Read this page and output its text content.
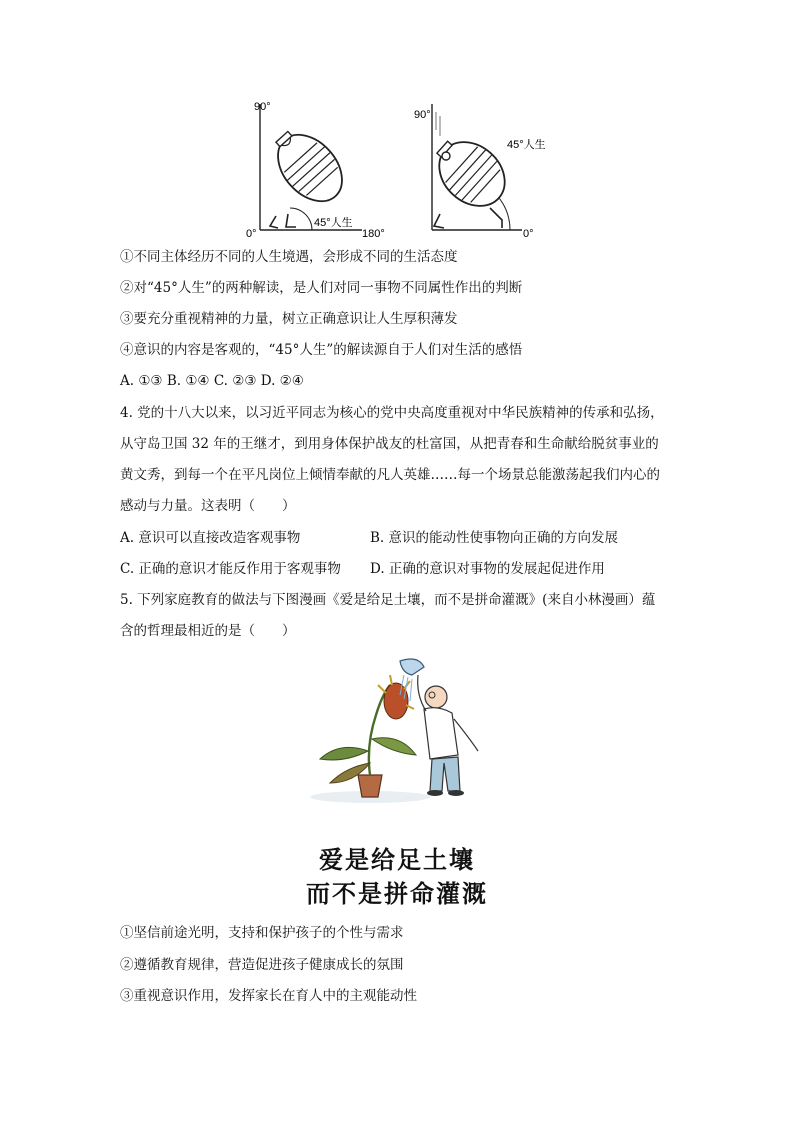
90°
0°	180°
45°人生
90°
0°
45°人生
①不同主体经历不同的人生境遇，会形成不同的生活态度
②对“45°人生”的两种解读，是人们对同一事物不同属性作出的判断
③要充分重视精神的力量，树立正确意识让人生厚积薄发
④意识的内容是客观的，“45°人生”的解读源自于人们对生活的感悟
A. ①③ B. ①④ C. ②③ D. ②④
4. 党的十八大以来，以习近平同志为核心的党中央高度重视对中华民族精神的传承和弘扬，
从守岛卫国 32 年的王继才，到用身体保护战友的杜富国，从把青春和生命献给脱贫事业的
黄文秀，到每一个在平凡岗位上倾情奉献的凡人英雄……每一个场景总能激荡起我们内心的
感动与力量。这表明（　　）
A. 意识可以直接改造客观事物	B. 意识的能动性使事物向正确的方向发展
C. 正确的意识才能反作用于客观事物 D. 正确的意识对事物的发展起促进作用
5. 下列家庭教育的做法与下图漫画《爱是给足土壤，而不是拼命灌溉》(来自小林漫画）蕴
含的哲理最相近的是（　　）
爱是给足土壤
而不是拼命灌溉
①坚信前途光明，支持和保护孩子的个性与需求
②遵循教育规律，营造促进孩子健康成长的氛围
③重视意识作用，发挥家长在育人中的主观能动性
